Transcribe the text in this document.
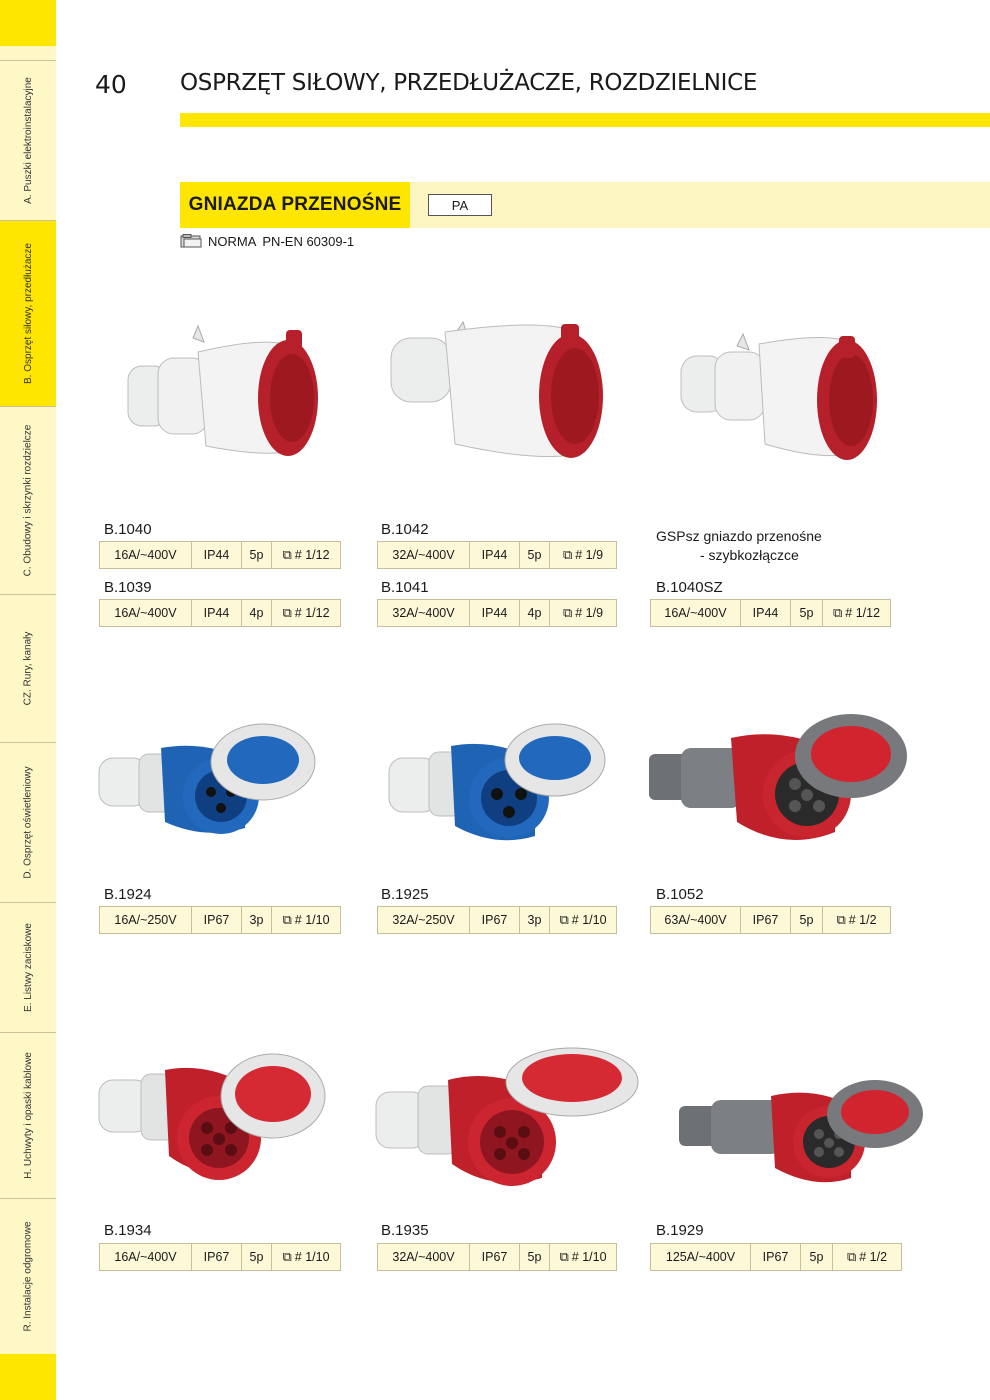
A. Puszki elektroinstalacyjne
B. Osprzęt siłowy, przedłużacze
C. Obudowy i skrzynki rozdzielcze
CZ. Rury, kanały
D. Osprzęt oświetleniowy
E. Listwy zaciskowe
H. Uchwyty i opaski kablowe
R. Instalacje odgromowe
40 OSPRZĘT SIŁOWY, PRZEDŁUŻACZE, ROZDZIELNICE
GNIAZDA PRZENOŚNE	PA
NORMA PN-EN 60309-1
B.1040
16A/~400V	IP44	5p	⧉ # 1/12
B.1039
16A/~400V	IP44	4p	⧉ # 1/12
B.1042
32A/~400V	IP44	5p	⧉ # 1/9
B.1041
32A/~400V	IP44	4p	⧉ # 1/9
GSPsz gniazdo przenośne
- szybkozłączce
B.1040SZ
16A/~400V	IP44	5p	⧉ # 1/12
B.1924
16A/~250V	IP67	3p	⧉ # 1/10
B.1925
32A/~250V	IP67	3p	⧉ # 1/10
B.1052
63A/~400V	IP67	5p	⧉ # 1/2
B.1934
16A/~400V	IP67	5p	⧉ # 1/10
B.1935
32A/~400V	IP67	5p	⧉ # 1/10
B.1929
125A/~400V	IP67	5p	⧉ # 1/2
